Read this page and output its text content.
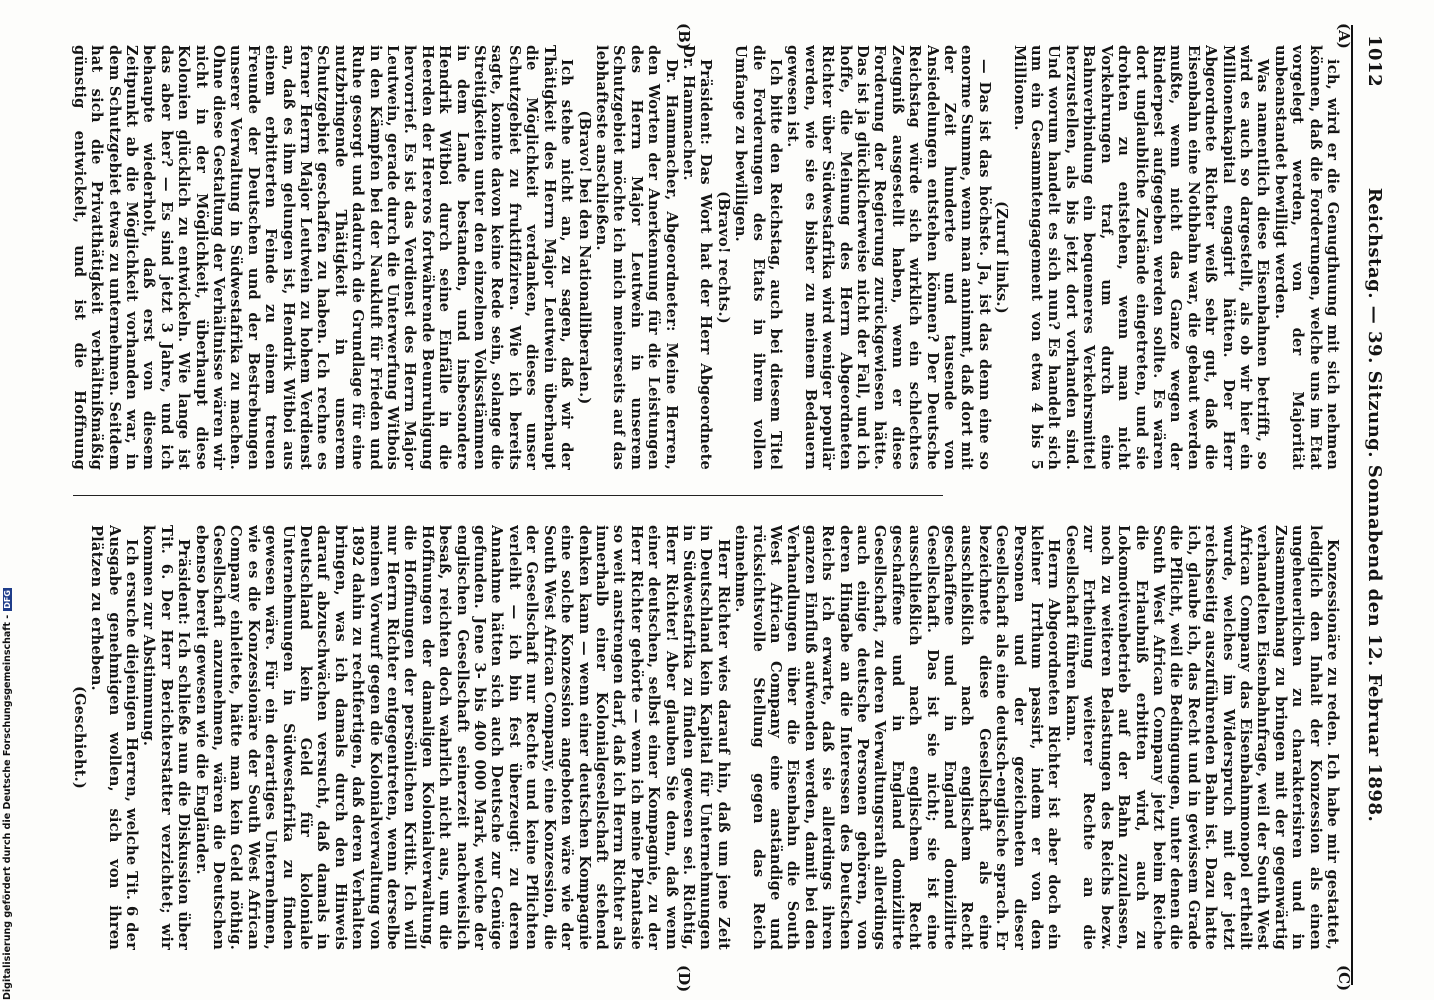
1012
Reichstag. — 39. Sitzung. Sonnabend den 12. Februar 1898.
(A)
(B)
(C)
(D)

ich, wird er die Genugthuung mit sich nehmen können, daß die Forderungen, welche uns im Etat vorgelegt werden, von der Majorität unbeanstandet bewilligt werden.

Was namentlich diese Eisenbahnen betrifft, so wird es auch so dargestellt, als ob wir hier ein Millionenkapital engagirt hätten. Der Herr Abgeordnete Richter weiß sehr gut, daß die Eisenbahn eine Nothbahn war, die gebaut werden mußte, wenn nicht das Ganze wegen der Rinderpest aufgegeben werden sollte. Es wären dort unglaubliche Zustände eingetreten, und sie drohten zu entstehen, wenn man nicht Vorkehrungen traf, um durch eine Bahnverbindung ein bequemeres Verkehrsmittel herzustellen, als bis jetzt dort vorhanden sind. Und worum handelt es sich nun? Es handelt sich um ein Gesammtengagement von etwa 4 bis 5 Millionen.

(Zuruf links.)

— Das ist das höchste. Ja, ist das denn eine so enorme Summe, wenn man annimmt, daß dort mit der Zeit hunderte und tausende von Ansiedelungen entstehen können? Der Deutsche Reichstag würde sich wirklich ein schlechtes Zeugniß ausgestellt haben, wenn er diese Forderung der Regierung zurückgewiesen hätte. Das ist ja glücklicherweise nicht der Fall, und ich hoffe, die Meinung des Herrn Abgeordneten Richter über Südwestafrika wird weniger populär werden, wie sie es bisher zu meinem Bedauern gewesen ist.

Ich bitte den Reichstag, auch bei diesem Titel die Forderungen des Etats in ihrem vollen Umfange zu bewilligen.

(Bravo! rechts.)

Präsident: Das Wort hat der Herr Abgeordnete Dr. Hammacher.

Dr. Hammacher, Abgeordneter: Meine Herren, den Worten der Anerkennung für die Leistungen des Herrn Major Leutwein in unserem Schutzgebiet möchte ich mich meinerseits auf das lebhafteste anschließen.

(Bravo! bei den Nationalliberalen.)

Ich stehe nicht an, zu sagen, daß wir der Thätigkeit des Herrn Major Leutwein überhaupt die Möglichkeit verdanken, dieses unser Schutzgebiet zu fruktifiziren. Wie ich bereits sagte, konnte davon keine Rede sein, solange die Streitigkeiten unter den einzelnen Volksstämmen in dem Lande bestanden, und insbesondere Hendrik Witboi durch seine Einfälle in die Heerden der Hereros fortwährende Beunruhigung hervorrief. Es ist das Verdienst des Herrn Major Leutwein, gerade durch die Unterwerfung Witbois in den Kämpfen bei der Naukluft für Frieden und Ruhe gesorgt und dadurch die Grundlage für eine nutzbringende Thätigkeit in unserem Schutzgebiet geschaffen zu haben. Ich rechne es ferner Herrn Major Leutwein zu hohem Verdienst an, daß es ihm gelungen ist, Hendrik Witboi aus einem erbitterten Feinde zu einem treuen Freunde der Deutschen und der Bestrebungen unserer Verwaltung in Südwestafrika zu machen. Ohne diese Gestaltung der Verhältnisse wären wir nicht in der Möglichkeit, überhaupt diese Kolonien glücklich zu entwickeln. Wie lange ist das aber her? — Es sind jetzt 3 Jahre, und ich behaupte wiederholt, daß erst von diesem Zeitpunkt ab die Möglichkeit vorhanden war, in dem Schutzgebiet etwas zu unternehmen. Seitdem hat sich die Privatthätigkeit verhältnißmäßig günstig entwickelt, und ist die Hoffnung

Konzessionäre zu reden. Ich habe mir gestattet, lediglich den Inhalt der Konzession als einen ungeheuerlichen zu charakterisiren und in Zusammenhang zu bringen mit der gegenwärtig verhandelten Eisenbahnfrage, weil der South West African Company das Eisenbahnmonopol ertheilt wurde, welches im Widerspruch mit der jetzt reichsseitig auszuführenden Bahn ist. Dazu hatte ich, glaube ich, das Recht und in gewissem Grade die Pflicht, weil die Bedingungen, unter denen die South West African Company jetzt beim Reiche die Erlaubniß erbitten wird, auch zu Lokomotivenbetrieb auf der Bahn zuzulassen, noch zu weiteren Belastungen des Reichs bezw. zur Ertheilung weiterer Rechte an die Gesellschaft führen kann.

Herrn Abgeordneten Richter ist aber doch ein kleiner Irrthum passirt, indem er von den Personen und der gezeichneten dieser Gesellschaft als eine deutsch-englische sprach. Er bezeichnete diese Gesellschaft als eine ausschließlich nach englischem Recht geschaffene und in England domizilirte Gesellschaft. Das ist sie nicht; sie ist eine ausschließlich nach englischem Recht geschaffene und in England domizilirte Gesellschaft, zu deren Verwaltungsrath allerdings auch einige deutsche Personen gehören, von deren Hingabe an die Interessen des Deutschen Reichs ich erwarte, daß sie allerdings ihren ganzen Einfluß aufwenden werden, damit bei den Verhandlungen über die Eisenbahn die South West African Company eine anständige und rücksichtsvolle Stellung gegen das Reich einnehme.

Herr Richter wies darauf hin, daß um jene Zeit in Deutschland kein Kapital für Unternehmungen in Südwestafrika zu finden gewesen sei. Richtig, Herr Richter! Aber glauben Sie denn, daß wenn einer deutschen, selbst einer Kompagnie, zu der Herr Richter gehörte — wenn ich meine Phantasie so weit anstrengen darf, daß ich Herrn Richter als innerhalb einer Kolonialgesellschaft stehend denken kann — wenn einer deutschen Kompagnie eine solche Konzession angeboten wäre wie der South West African Company, eine Konzession, die der Gesellschaft nur Rechte und keine Pflichten verleiht — ich bin fest überzeugt: zu deren Annahme hätten sich auch Deutsche zur Genüge gefunden. Jene 3- bis 400 000 Mark, welche der englischen Gesellschaft seinerzeit nachweislich besaß, reichten doch wahrlich nicht aus, um die Hoffnungen der damaligen Kolonialverwaltung, die Hoffnungen der persönlichen Kritik. Ich will nur Herrn Richter entgegentreten, wenn derselbe meinen Vorwurf gegen die Kolonialverwaltung von 1892 dahin zu rechtfertigen, daß deren Verhalten bringen, was ich damals durch den Hinweis darauf abzuschwächen versucht, daß damals in Deutschland kein Geld für koloniale Unternehmungen in Südwestafrika zu finden gewesen wäre. Für ein derartiges Unternehmen, wie es die Konzessionäre der South West African Company einleitete, hätte man kein Geld nöthig. Gesellschaft anzunehmen, wären die Deutschen ebenso bereit gewesen wie die Engländer.

Präsident: Ich schließe nun die Diskussion über Tit. 6. Der Herr Berichterstatter verzichtet; wir kommen zur Abstimmung.

Ich ersuche diejenigen Herren, welche Tit. 6 der Ausgabe genehmigen wollen, sich von ihren Plätzen zu erheben.

(Geschieht.)

Digitalisierung gefördert durch die Deutsche Forschungsgemeinschaft -DFG
